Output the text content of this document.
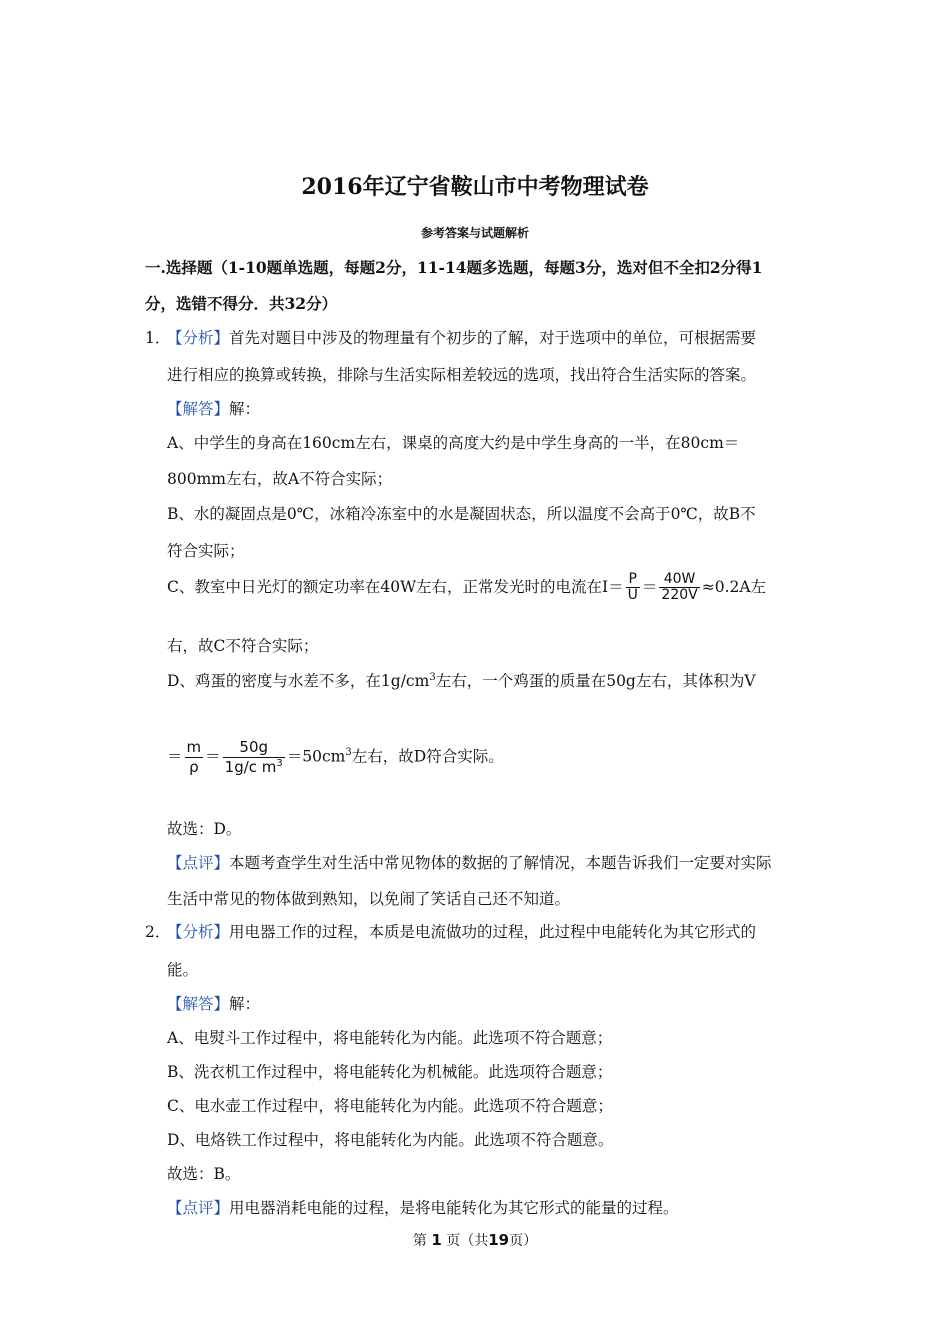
2016年辽宁省鞍山市中考物理试卷
参考答案与试题解析
一.选择题（1-10题单选题，每题2分，11-14题多选题，每题3分，选对但不全扣2分得1
分，选错不得分．共32分）
1．
【分析】首先对题目中涉及的物理量有个初步的了解，对于选项中的单位，可根据需要
进行相应的换算或转换，排除与生活实际相差较远的选项，找出符合生活实际的答案。
【解答】解：
A、中学生的身高在160cm左右，课桌的高度大约是中学生身高的一半，在80cm＝
800mm左右，故A不符合实际；
B、水的凝固点是0℃，冰箱冷冻室中的水是凝固状态，所以温度不会高于0℃，故B不
符合实际；
C、教室中日光灯的额定功率在40W左右，正常发光时的电流在$I= \frac{P}{U} = \frac{40W}{220V} \approx 0.2A$左
右，故C不符合实际；
D、鸡蛋的密度与水差不多，在$1g/cm^3$左右，一个鸡蛋的质量在50g左右，其体积为V
＝ $\frac{m}{\rho} = \frac{50g}{1g/c m^3} =50cm^3$左右，故D符合实际。
故选：D。
【点评】本题考查学生对生活中常见物体的数据的了解情况，本题告诉我们一定要对实际
生活中常见的物体做到熟知，以免闹了笑话自己还不知道。
2．
【分析】用电器工作的过程，本质是电流做功的过程，此过程中电能转化为其它形式的
能。
【解答】解：
A、电熨斗工作过程中，将电能转化为内能。此选项不符合题意；
B、洗衣机工作过程中，将电能转化为机械能。此选项符合题意；
C、电水壶工作过程中，将电能转化为内能。此选项不符合题意；
D、电烙铁工作过程中，将电能转化为内能。此选项不符合题意。
故选：B。
【点评】用电器消耗电能的过程，是将电能转化为其它形式的能量的过程。
第 1 页（共19页）
